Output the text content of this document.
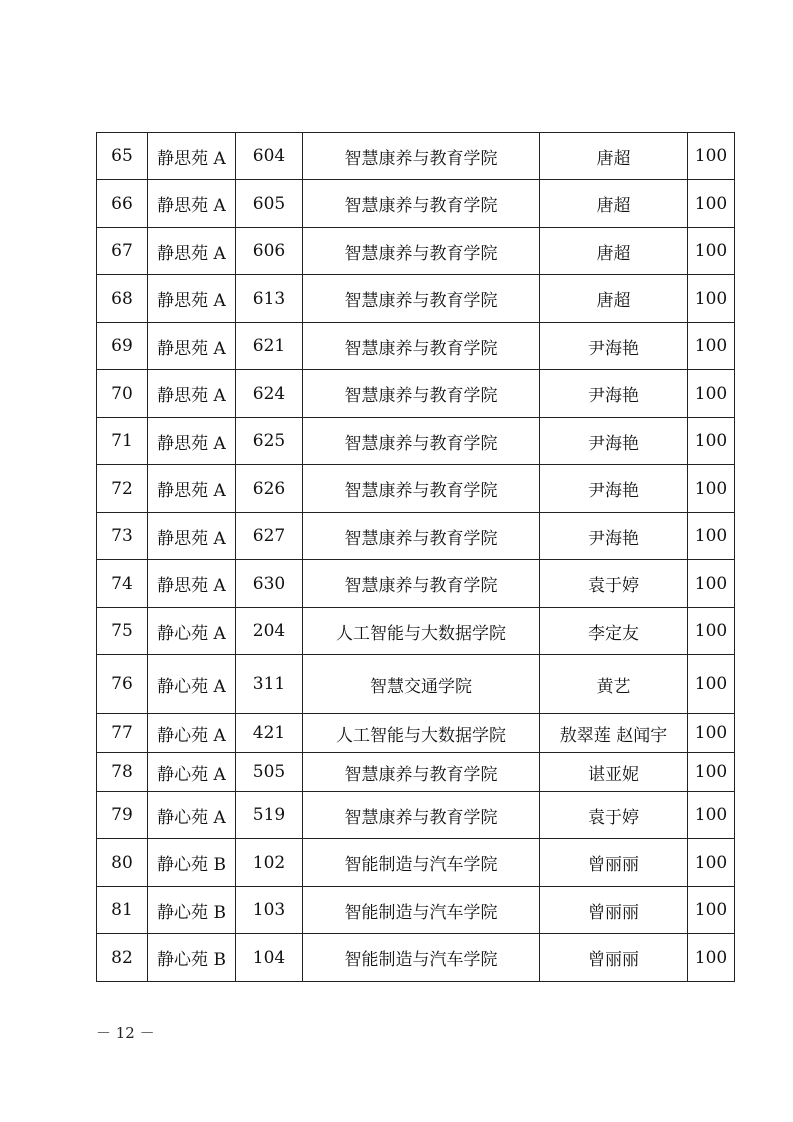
65	静思苑 A	604	智慧康养与教育学院	唐超	100
66	静思苑 A	605	智慧康养与教育学院	唐超	100
67	静思苑 A	606	智慧康养与教育学院	唐超	100
68	静思苑 A	613	智慧康养与教育学院	唐超	100
69	静思苑 A	621	智慧康养与教育学院	尹海艳	100
70	静思苑 A	624	智慧康养与教育学院	尹海艳	100
71	静思苑 A	625	智慧康养与教育学院	尹海艳	100
72	静思苑 A	626	智慧康养与教育学院	尹海艳	100
73	静思苑 A	627	智慧康养与教育学院	尹海艳	100
74	静思苑 A	630	智慧康养与教育学院	袁于婷	100
75	静心苑 A	204	人工智能与大数据学院	李定友	100
76	静心苑 A	311	智慧交通学院	黄艺	100
77	静心苑 A	421	人工智能与大数据学院	敖翠莲 赵闻宇	100
78	静心苑 A	505	智慧康养与教育学院	谌亚妮	100
79	静心苑 A	519	智慧康养与教育学院	袁于婷	100
80	静心苑 B	102	智能制造与汽车学院	曾丽丽	100
81	静心苑 B	103	智能制造与汽车学院	曾丽丽	100
82	静心苑 B	104	智能制造与汽车学院	曾丽丽	100
－ 12 －
